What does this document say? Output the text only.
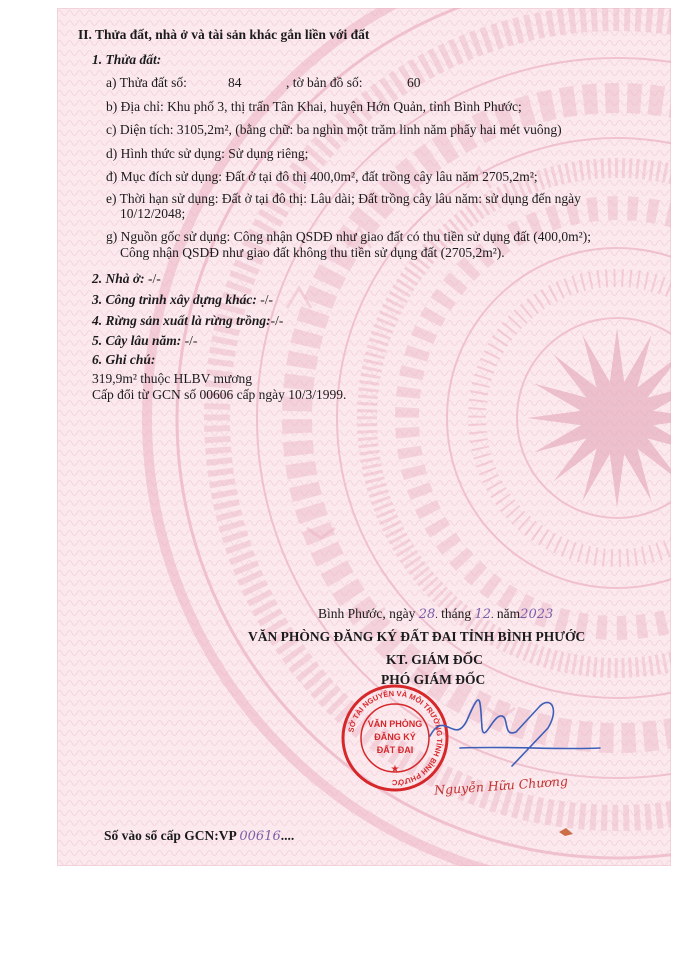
II. Thửa đất, nhà ở và tài sản khác gắn liền với đất
1. Thửa đất:
a) Thửa đất số:	84	, tờ bản đồ số:	60
b) Địa chỉ: Khu phố 3, thị trấn Tân Khai, huyện Hớn Quản, tỉnh Bình Phước;
c) Diện tích: 3105,2m², (bằng chữ: ba nghìn một trăm linh năm phẩy hai mét vuông)
d) Hình thức sử dụng: Sử dụng riêng;
đ) Mục đích sử dụng: Đất ở tại đô thị 400,0m², đất trồng cây lâu năm 2705,2m²;
e) Thời hạn sử dụng: Đất ở tại đô thị: Lâu dài; Đất trồng cây lâu năm: sử dụng đến ngày
10/12/2048;
g) Nguồn gốc sử dụng: Công nhận QSDĐ như giao đất có thu tiền sử dụng đất (400,0m²);
Công nhận QSDĐ như giao đất không thu tiền sử dụng đất (2705,2m²).
2. Nhà ở: -/-
3. Công trình xây dựng khác: -/-
4. Rừng sản xuất là rừng trồng:-/-
5. Cây lâu năm: -/-
6. Ghi chú:
319,9m² thuộc HLBV mương
Cấp đổi từ GCN số 00606 cấp ngày 10/3/1999.
Bình Phước, ngày 28. tháng 12. năm2023
VĂN PHÒNG ĐĂNG KÝ ĐẤT ĐAI TỈNH BÌNH PHƯỚC
KT. GIÁM ĐỐC
PHÓ GIÁM ĐỐC
SỞ TÀI NGUYÊN VÀ MÔI TRƯỜNG TỈNH BÌNH PHƯỚC
VĂN PHÒNG
ĐĂNG KÝ
ĐẤT ĐAI
★
Nguyễn Hữu Chương
Số vào sổ cấp GCN:VP 00616....
